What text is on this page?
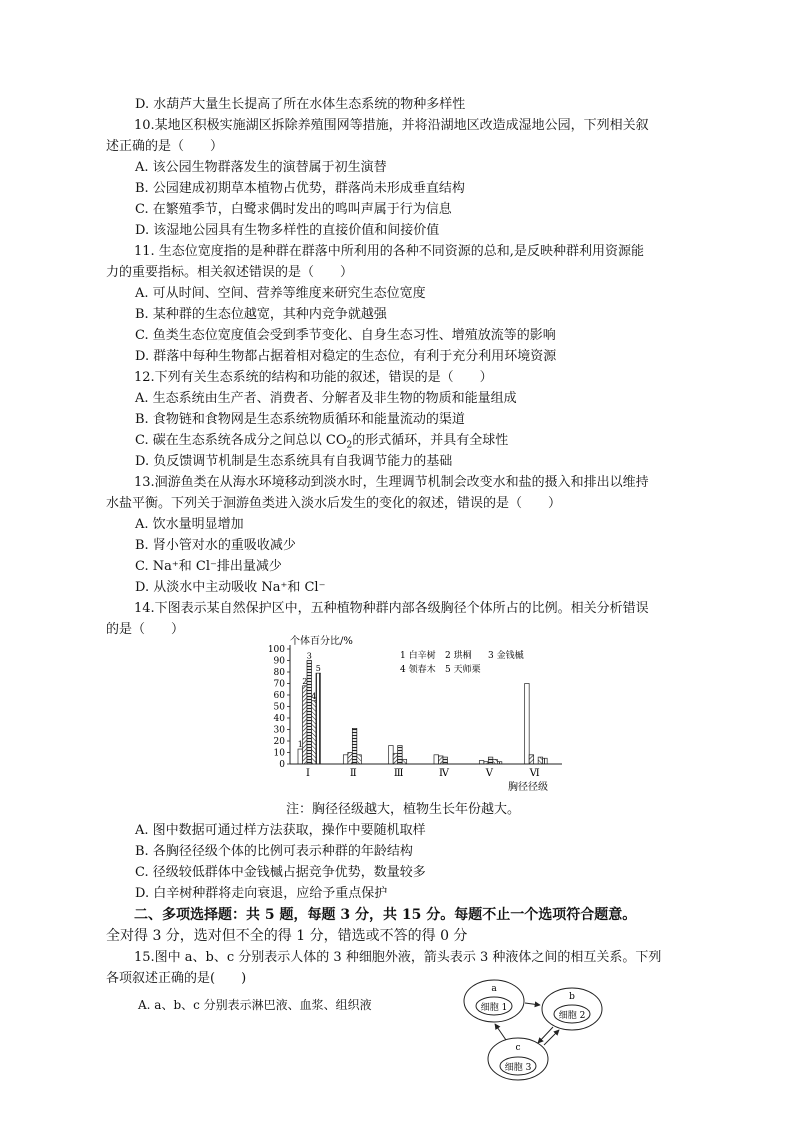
D. 水葫芦大量生长提高了所在水体生态系统的物种多样性
10.某地区积极实施湖区拆除养殖围网等措施，并将沿湖地区改造成湿地公园，下列相关叙
述正确的是（　　）
A. 该公园生物群落发生的演替属于初生演替
B. 公园建成初期草本植物占优势，群落尚未形成垂直结构
C. 在繁殖季节，白鹭求偶时发出的鸣叫声属于行为信息
D. 该湿地公园具有生物多样性的直接价值和间接价值
11. 生态位宽度指的是种群在群落中所利用的各种不同资源的总和,是反映种群利用资源能
力的重要指标。相关叙述错误的是（　　）
A. 可从时间、空间、营养等维度来研究生态位宽度
B. 某种群的生态位越宽，其种内竞争就越强
C. 鱼类生态位宽度值会受到季节变化、自身生态习性、增殖放流等的影响
D. 群落中每种生物都占据着相对稳定的生态位，有利于充分利用环境资源
12.下列有关生态系统的结构和功能的叙述，错误的是（　　）
A. 生态系统由生产者、消费者、分解者及非生物的物质和能量组成
B. 食物链和食物网是生态系统物质循环和能量流动的渠道
C. 碳在生态系统各成分之间总以 $CO_2$的形式循环，并具有全球性
D. 负反馈调节机制是生态系统具有自我调节能力的基础
13.洄游鱼类在从海水环境移动到淡水时，生理调节机制会改变水和盐的摄入和排出以维持
水盐平衡。下列关于洄游鱼类进入淡水后发生的变化的叙述，错误的是（　　）
A. 饮水量明显增加
B. 肾小管对水的重吸收减少
C. Na⁺和 Cl⁻排出量减少
D. 从淡水中主动吸收 Na⁺和 Cl⁻
14.下图表示某自然保护区中，五种植物种群内部各级胸径个体所占的比例。相关分析错误
的是（　　）
个体百分比/%
0
10
20
30
40
50
60
70
80
90
100
1
2
3
4
5
Ⅰ	Ⅱ	Ⅲ	Ⅳ	Ⅴ	Ⅵ
1 白辛树 2 珙桐 3 金钱槭
4 领春木 5 天师栗
胸径径级
注：胸径径级越大，植物生长年份越大。
A. 图中数据可通过样方法获取，操作中要随机取样
B. 各胸径径级个体的比例可表示种群的年龄结构
C. 径级较低群体中金钱槭占据竞争优势，数量较多
D. 白辛树种群将走向衰退，应给予重点保护
二、多项选择题：共 5 题，每题 3 分，共 15 分。每题不止一个选项符合题意。
全对得 3 分，选对但不全的得 1 分，错选或不答的得 0 分
15.图中 a、b、c 分别表示人体的 3 种细胞外液，箭头表示 3 种液体之间的相互关系。下列
各项叙述正确的是(　　)
A. a、b、c 分别表示淋巴液、血浆、组织液
a
细胞 1
b
细胞 2
c
细胞 3
